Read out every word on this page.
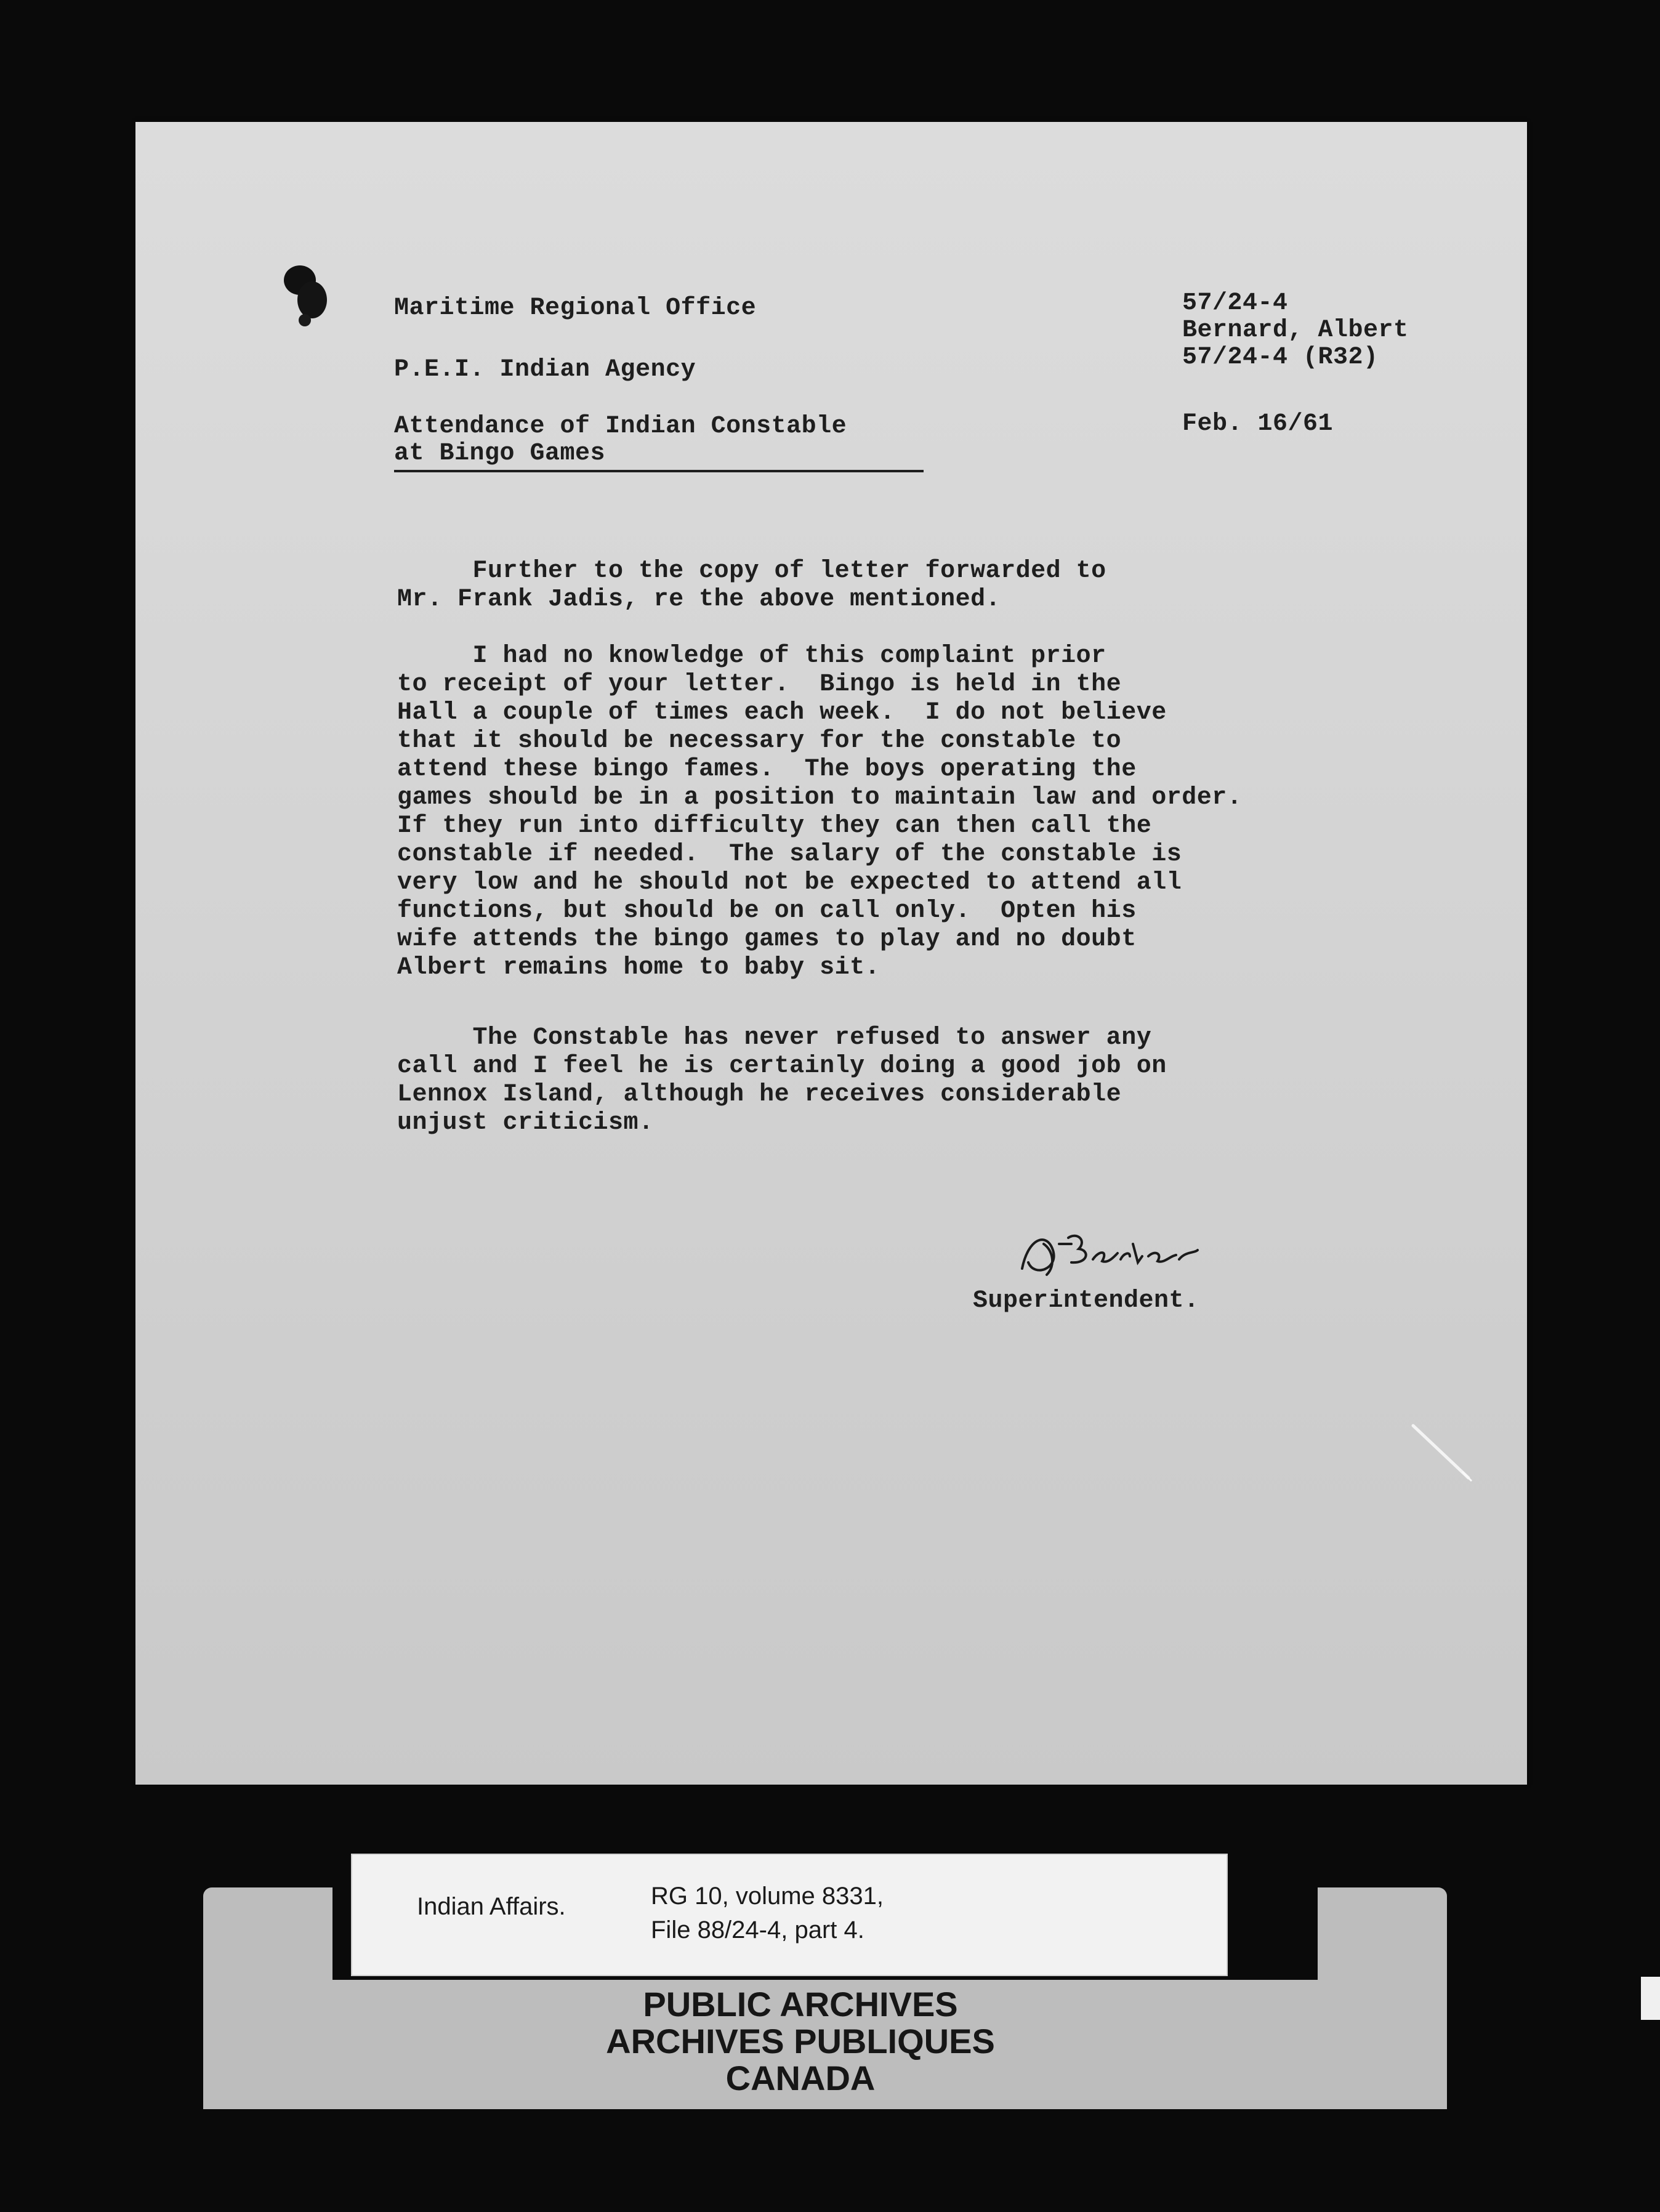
Maritime Regional Office
P.E.I. Indian Agency
Attendance of Indian Constable
at Bingo Games
57/24-4
Bernard, Albert
57/24-4 (R32)
Feb. 16/61
Further to the copy of letter forwarded to
Mr. Frank Jadis, re the above mentioned.
I had no knowledge of this complaint prior
to receipt of your letter.  Bingo is held in the
Hall a couple of times each week.  I do not believe
that it should be necessary for the constable to
attend these bingo fames.  The boys operating the
games should be in a position to maintain law and order.
If they run into difficulty they can then call the
constable if needed.  The salary of the constable is
very low and he should not be expected to attend all
functions, but should be on call only.  Opten his
wife attends the bingo games to play and no doubt
Albert remains home to baby sit.
The Constable has never refused to answer any
call and I feel he is certainly doing a good job on
Lennox Island, although he receives considerable
unjust criticism.
Superintendent.
Indian Affairs.	RG 10, volume 8331,
File 88/24-4, part 4.
PUBLIC ARCHIVES
ARCHIVES PUBLIQUES
CANADA
